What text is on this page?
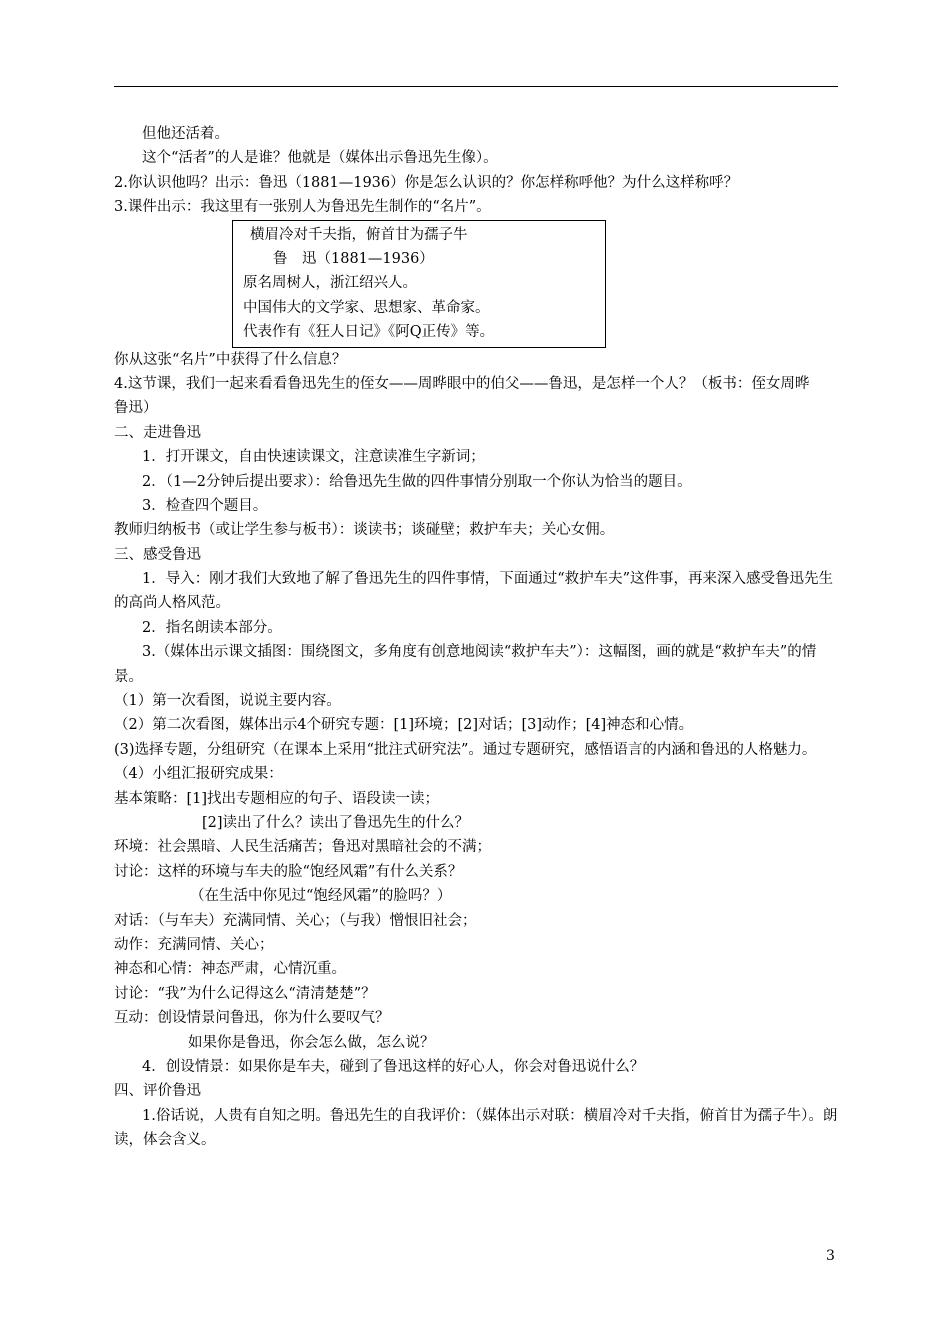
但他还活着。
这个“活者”的人是谁？他就是（媒体出示鲁迅先生像）。
2.你认识他吗？出示：鲁迅（1881—1936）你是怎么认识的？你怎样称呼他？为什么这样称呼？
3.课件出示：我这里有一张别人为鲁迅先生制作的“名片”。
横眉冷对千夫指，俯首甘为孺子牛
鲁　迅（1881—1936）
原名周树人，浙江绍兴人。
中国伟大的文学家、思想家、革命家。
代表作有《狂人日记》《阿Q正传》等。
你从这张“名片”中获得了什么信息？
4.这节课，我们一起来看看鲁迅先生的侄女——周晔眼中的伯父——鲁迅，是怎样一个人？（板书：侄女周晔　　　　鲁迅）
二、走进鲁迅
1．打开课文，自由快速读课文，注意读准生字新词；
2．（1—2分钟后提出要求）：给鲁迅先生做的四件事情分别取一个你认为恰当的题目。
3．检查四个题目。
教师归纳板书（或让学生参与板书）：谈读书；谈碰壁；救护车夫；关心女佣。
三、感受鲁迅
1．导入：刚才我们大致地了解了鲁迅先生的四件事情，下面通过“救护车夫”这件事，再来深入感受鲁迅先生的高尚人格风范。
2．指名朗读本部分。
3.（媒体出示课文插图：围绕图文，多角度有创意地阅读“救护车夫”）：这幅图，画的就是“救护车夫”的情景。
（1）第一次看图，说说主要内容。
（2）第二次看图，媒体出示4个研究专题：[1]环境；[2]对话；[3]动作；[4]神态和心情。
(3)选择专题，分组研究（在课本上采用“批注式研究法”。通过专题研究，感悟语言的内涵和鲁迅的人格魅力。
（4）小组汇报研究成果：
基本策略：[1]找出专题相应的句子、语段读一读；
[2]读出了什么？读出了鲁迅先生的什么？
环境：社会黑暗、人民生活痛苦；鲁迅对黑暗社会的不满；
讨论：这样的环境与车夫的脸“饱经风霜”有什么关系？
（在生活中你见过“饱经风霜”的脸吗？）
对话：（与车夫）充满同情、关心；（与我）憎恨旧社会；
动作：充满同情、关心；
神态和心情：神态严肃，心情沉重。
讨论：“我”为什么记得这么“清清楚楚”？
互动：创设情景问鲁迅，你为什么要叹气？
如果你是鲁迅，你会怎么做，怎么说？
4．创设情景：如果你是车夫，碰到了鲁迅这样的好心人，你会对鲁迅说什么？
四、评价鲁迅
1.俗话说，人贵有自知之明。鲁迅先生的自我评价：（媒体出示对联：横眉冷对千夫指，俯首甘为孺子牛）。朗读，体会含义。
3
